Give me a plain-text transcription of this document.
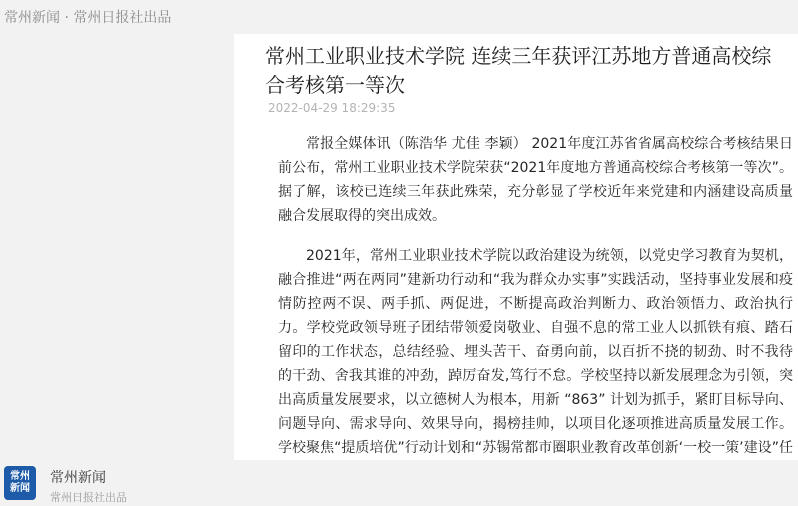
常州新闻 · 常州日报社出品
常州工业职业技术学院 连续三年获评江苏地方普通高校综合考核第一等次
2022-04-29 18:29:35

常报全媒体讯（陈浩华 尤佳 李颖） 2021年度江苏省省属高校综合考核结果日前公布，常州工业职业技术学院荣获“2021年度地方普通高校综合考核第一等次”。据了解，该校已连续三年获此殊荣，充分彰显了学校近年来党建和内涵建设高质量融合发展取得的突出成效。

2021年，常州工业职业技术学院以政治建设为统领，以党史学习教育为契机，融合推进“两在两同”建新功行动和“我为群众办实事”实践活动，坚持事业发展和疫情防控两不误、两手抓、两促进，不断提高政治判断力、政治领悟力、政治执行力。学校党政领导班子团结带领爱岗敬业、自强不息的常工业人以抓铁有痕、踏石留印的工作状态，总结经验、埋头苦干、奋勇向前，以百折不挠的韧劲、时不我待的干劲、舍我其谁的冲劲，踔厉奋发,笃行不怠。学校坚持以新发展理念为引领，突出高质量发展要求，以立德树人为根本，用新 “863” 计划为抓手，紧盯目标导向、问题导向、需求导向、效果导向，揭榜挂帅，以项目化逐项推进高质量发展工作。学校聚焦“提质培优”行动计划和“苏锡常都市圈职业教育改革创新‘一校一策’建设”任

常州
新闻
常州新闻
常州日报社出品
